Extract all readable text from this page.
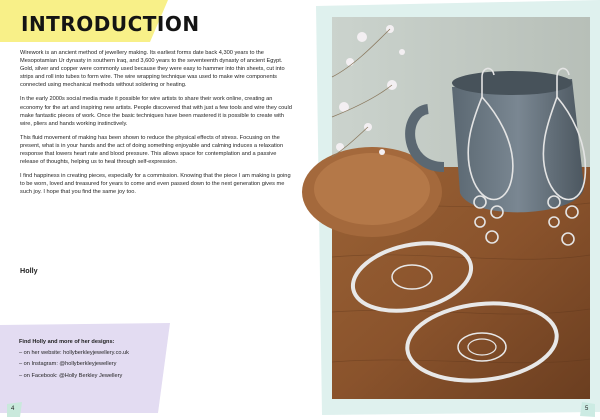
INTRODUCTION

Wirework is an ancient method of jewellery making. Its earliest forms date back 4,300 years to the Mesopotamian Ur dynasty in southern Iraq, and 3,600 years to the seventeenth dynasty of ancient Egypt. Gold, silver and copper were commonly used because they were easy to hammer into thin sheets, cut into strips and roll into tubes to form wire. The wire wrapping technique was used to make wire components connected using mechanical methods without soldering or heating.

In the early 2000s social media made it possible for wire artists to share their work online, creating an economy for the art and inspiring new artists. People discovered that with just a few tools and wire they could make fantastic pieces of work. Once the basic techniques have been mastered it is possible to create with wire, pliers and hands working instinctively.

This fluid movement of making has been shown to reduce the physical effects of stress. Focusing on the present, what is in your hands and the act of doing something enjoyable and calming induces a relaxation response that lowers heart rate and blood pressure. This allows space for contemplation and a passive release of thoughts, helping us to heal through self-expression.

I find happiness in creating pieces, especially for a commission. Knowing that the piece I am making is going to be worn, loved and treasured for years to come and even passed down to the next generation gives me such joy. I hope that you find the same joy too.

Holly
Find Holly and more of her designs:
– on her website: hollyberkleyjewellery.co.uk
– on Instagram: @hollyberkleyjewellery
– on Facebook: @Holly Berkley Jewellery
4	5
